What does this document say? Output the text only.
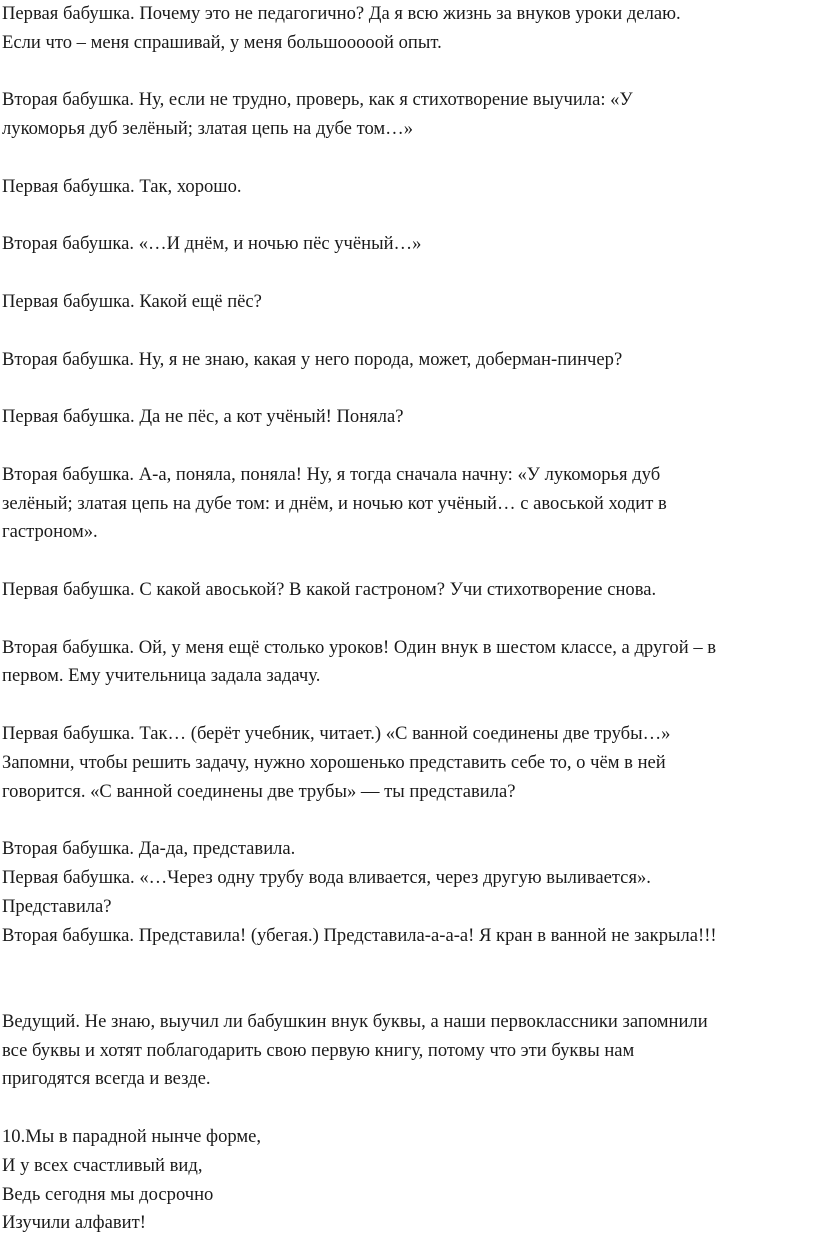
Первая бабушка. Почему это не педагогично? Да я всю жизнь за внуков уроки делаю.
Если что – меня спрашивай, у меня большооооой опыт.

Вторая бабушка. Ну, если не трудно, проверь, как я стихотворение выучила: «У
лукоморья дуб зелёный; златая цепь на дубе том…»

Первая бабушка. Так, хорошо.

Вторая бабушка. «…И днём, и ночью пёс учёный…»

Первая бабушка. Какой ещё пёс?

Вторая бабушка. Ну, я не знаю, какая у него порода, может, доберман-пинчер?

Первая бабушка. Да не пёс, а кот учёный! Поняла?

Вторая бабушка. А-а, поняла, поняла! Ну, я тогда сначала начну: «У лукоморья дуб
зелёный; златая цепь на дубе том: и днём, и ночью кот учёный… с авоськой ходит в
гастроном».

Первая бабушка. С какой авоськой? В какой гастроном? Учи стихотворение снова.

Вторая бабушка. Ой, у меня ещё столько уроков! Один внук в шестом классе, а другой – в
первом. Ему учительница задала задачу.

Первая бабушка. Так… (берёт учебник, читает.) «С ванной соединены две трубы…»
Запомни, чтобы решить задачу, нужно хорошенько представить себе то, о чём в ней
говорится. «С ванной соединены две трубы» — ты представила?

Вторая бабушка. Да-да, представила.
Первая бабушка. «…Через одну трубу вода вливается, через другую выливается».
Представила?
Вторая бабушка. Представила! (убегая.) Представила-а-а-а! Я кран в ванной не закрыла!!!

Ведущий. Не знаю, выучил ли бабушкин внук буквы, а наши первоклассники запомнили
все буквы и хотят поблагодарить свою первую книгу, потому что эти буквы нам
пригодятся всегда и везде.

10.Мы в парадной нынче форме,
И у всех счастливый вид,
Ведь сегодня мы досрочно
Изучили алфавит!
